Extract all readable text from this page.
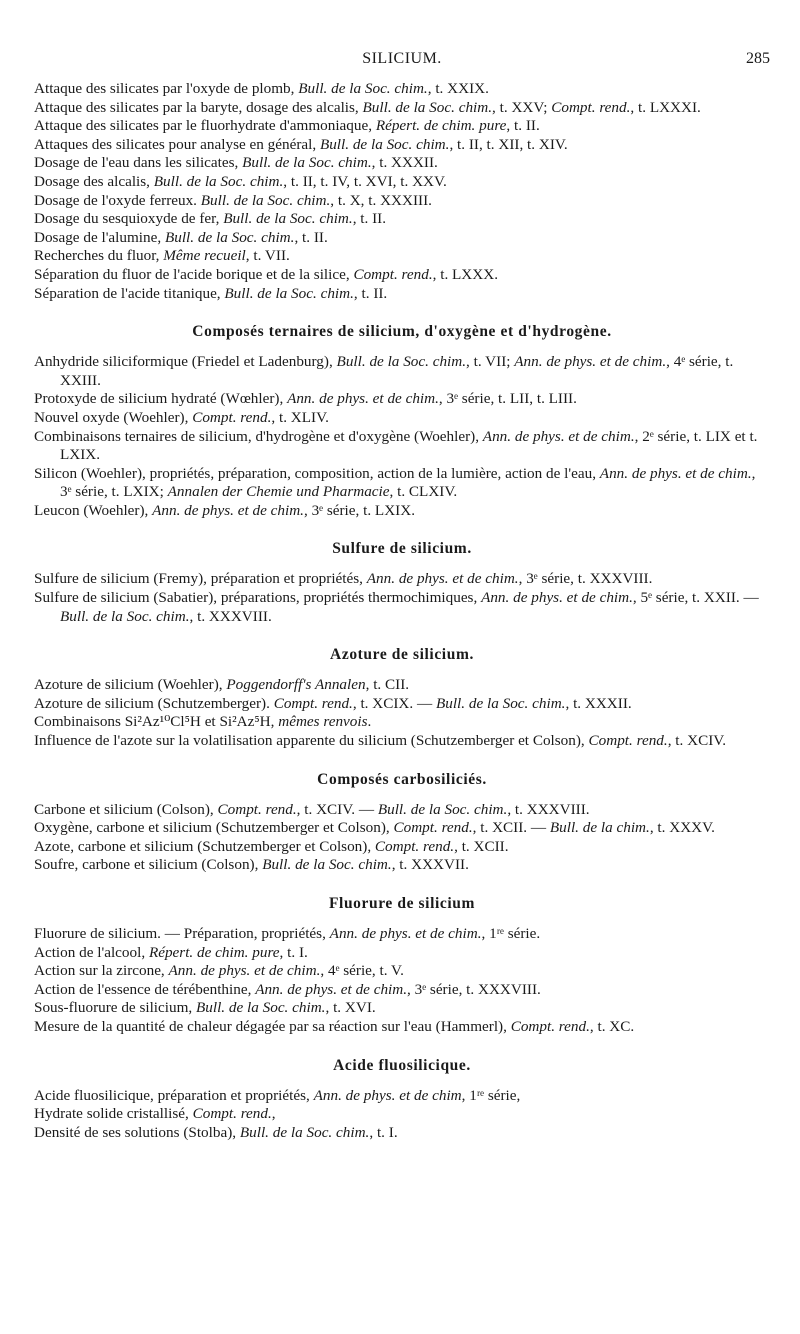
SILICIUM.	285

Attaque des silicates par l'oxyde de plomb, Bull. de la Soc. chim., t. XXIX.

Attaque des silicates par la baryte, dosage des alcalis, Bull. de la Soc. chim., t. XXV; Compt. rend., t. LXXXI.

Attaque des silicates par le fluorhydrate d'ammoniaque, Répert. de chim. pure, t. II.

Attaques des silicates pour analyse en général, Bull. de la Soc. chim., t. II, t. XII, t. XIV.

Dosage de l'eau dans les silicates, Bull. de la Soc. chim., t. XXXII.

Dosage des alcalis, Bull. de la Soc. chim., t. II, t. IV, t. XVI, t. XXV.

Dosage de l'oxyde ferreux. Bull. de la Soc. chim., t. X, t. XXXIII.

Dosage du sesquioxyde de fer, Bull. de la Soc. chim., t. II.

Dosage de l'alumine, Bull. de la Soc. chim., t. II.

Recherches du fluor, Même recueil, t. VII.

Séparation du fluor de l'acide borique et de la silice, Compt. rend., t. LXXX.

Séparation de l'acide titanique, Bull. de la Soc. chim., t. II.

Composés ternaires de silicium, d'oxygène et d'hydrogène.

Anhydride siliciformique (Friedel et Ladenburg), Bull. de la Soc. chim., t. VII; Ann. de phys. et de chim., 4ᵉ série, t. XXIII.

Protoxyde de silicium hydraté (Wœhler), Ann. de phys. et de chim., 3ᵉ série, t. LII, t. LIII.

Nouvel oxyde (Woehler), Compt. rend., t. XLIV.

Combinaisons ternaires de silicium, d'hydrogène et d'oxygène (Woehler), Ann. de phys. et de chim., 2ᵉ série, t. LIX et t. LXIX.

Silicon (Woehler), propriétés, préparation, composition, action de la lumière, action de l'eau, Ann. de phys. et de chim., 3ᵉ série, t. LXIX; Annalen der Chemie und Pharmacie, t. CLXIV.

Leucon (Woehler), Ann. de phys. et de chim., 3ᵉ série, t. LXIX.

Sulfure de silicium.

Sulfure de silicium (Fremy), préparation et propriétés, Ann. de phys. et de chim., 3ᵉ série, t. XXXVIII.

Sulfure de silicium (Sabatier), préparations, propriétés thermochimiques, Ann. de phys. et de chim., 5ᵉ série, t. XXII. — Bull. de la Soc. chim., t. XXXVIII.

Azoture de silicium.

Azoture de silicium (Woehler), Poggendorff's Annalen, t. CII.

Azoture de silicium (Schutzemberger). Compt. rend., t. XCIX. — Bull. de la Soc. chim., t. XXXII.

Combinaisons Si²Az¹⁰Cl⁵H et Si²Az⁵H, mêmes renvois.

Influence de l'azote sur la volatilisation apparente du silicium (Schutzemberger et Colson), Compt. rend., t. XCIV.

Composés carbosiliciés.

Carbone et silicium (Colson), Compt. rend., t. XCIV. — Bull. de la Soc. chim., t. XXXVIII.

Oxygène, carbone et silicium (Schutzemberger et Colson), Compt. rend., t. XCII. — Bull. de la chim., t. XXXV.

Azote, carbone et silicium (Schutzemberger et Colson), Compt. rend., t. XCII.

Soufre, carbone et silicium (Colson), Bull. de la Soc. chim., t. XXXVII.

Fluorure de silicium

Fluorure de silicium. — Préparation, propriétés, Ann. de phys. et de chim., 1ʳᵉ série.

Action de l'alcool, Répert. de chim. pure, t. I.

Action sur la zircone, Ann. de phys. et de chim., 4ᵉ série, t. V.

Action de l'essence de térébenthine, Ann. de phys. et de chim., 3ᵉ série, t. XXXVIII.

Sous-fluorure de silicium, Bull. de la Soc. chim., t. XVI.

Mesure de la quantité de chaleur dégagée par sa réaction sur l'eau (Hammerl), Compt. rend., t. XC.

Acide fluosilicique.

Acide fluosilicique, préparation et propriétés, Ann. de phys. et de chim, 1ʳᵉ série,

Hydrate solide cristallisé, Compt. rend.,

Densité de ses solutions (Stolba), Bull. de la Soc. chim., t. I.
